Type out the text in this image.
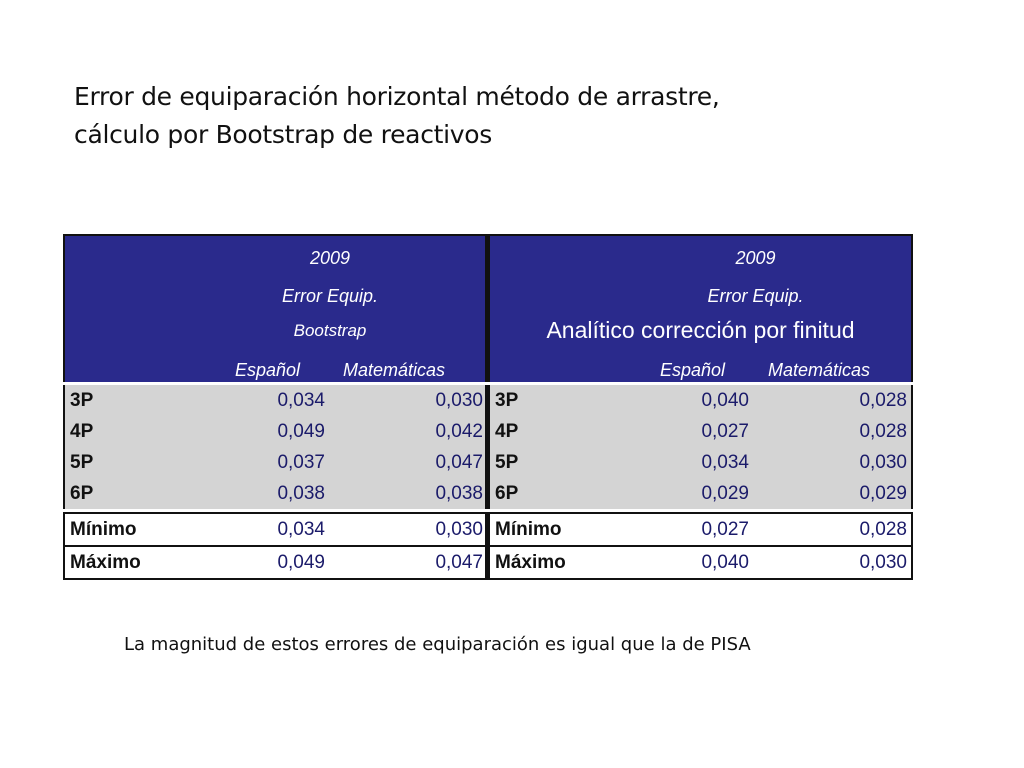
Error de equiparación horizontal método de arrastre,
cálculo por Bootstrap de reactivos
2009
Error Equip.
Bootstrap
Español Matemáticas
3P	0,034	0,030
4P	0,049	0,042
5P	0,037	0,047
6P	0,038	0,038
Mínimo	0,034	0,030
Máximo	0,049	0,047
2009
Error Equip.
Analítico corrección por finitud
Español Matemáticas
3P	0,040	0,028
4P	0,027	0,028
5P	0,034	0,030
6P	0,029	0,029
Mínimo	0,027	0,028
Máximo	0,040	0,030
La magnitud de estos errores de equiparación es igual que la de PISA
